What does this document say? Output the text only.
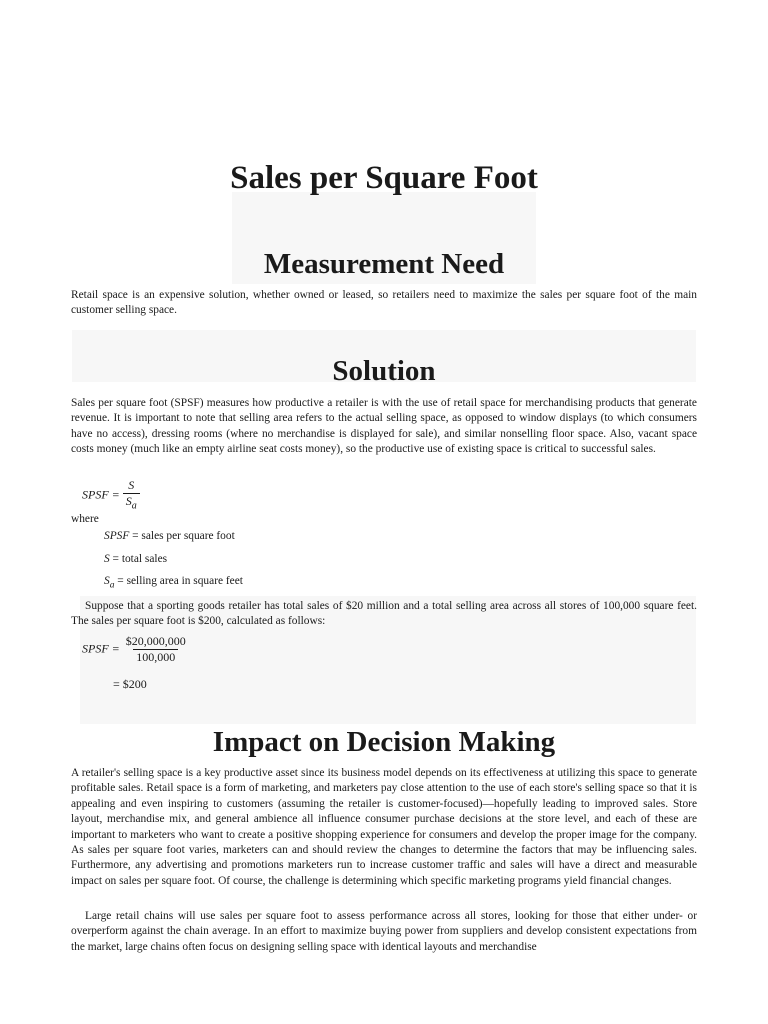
Sales per Square Foot
Measurement Need

Retail space is an expensive solution, whether owned or leased, so retailers need to maximize the sales per square foot of the main customer selling space.

Solution

Sales per square foot (SPSF) measures how productive a retailer is with the use of retail space for merchandising products that generate revenue. It is important to note that selling area refers to the actual selling space, as opposed to window displays (to which consumers have no access), dressing rooms (where no merchandise is displayed for sale), and similar nonselling floor space. Also, vacant space costs money (much like an empty airline seat costs money), so the productive use of existing space is critical to successful sales.

SPSF = $\frac{S}{S_a}$
where
SPSF = sales per square foot
S = total sales
$S_a$ = selling area in square feet

Suppose that a sporting goods retailer has total sales of $20 million and a total selling area across all stores of 100,000 square feet. The sales per square foot is $200, calculated as follows:

SPSF = $\frac{\$20,000,000}{100,000}$
= $200
Impact on Decision Making

A retailer's selling space is a key productive asset since its business model depends on its effectiveness at utilizing this space to generate profitable sales. Retail space is a form of marketing, and marketers pay close attention to the use of each store's selling space so that it is appealing and even inspiring to customers (assuming the retailer is customer-focused)—hopefully leading to improved sales. Store layout, merchandise mix, and general ambience all influence consumer purchase decisions at the store level, and each of these are important to marketers who want to create a positive shopping experience for consumers and develop the proper image for the company. As sales per square foot varies, marketers can and should review the changes to determine the factors that may be influencing sales. Furthermore, any advertising and promotions marketers run to increase customer traffic and sales will have a direct and measurable impact on sales per square foot. Of course, the challenge is determining which specific marketing programs yield financial changes.

Large retail chains will use sales per square foot to assess performance across all stores, looking for those that either under- or overperform against the chain average. In an effort to maximize buying power from suppliers and develop consistent expectations from the market, large chains often focus on designing selling space with identical layouts and merchandise
